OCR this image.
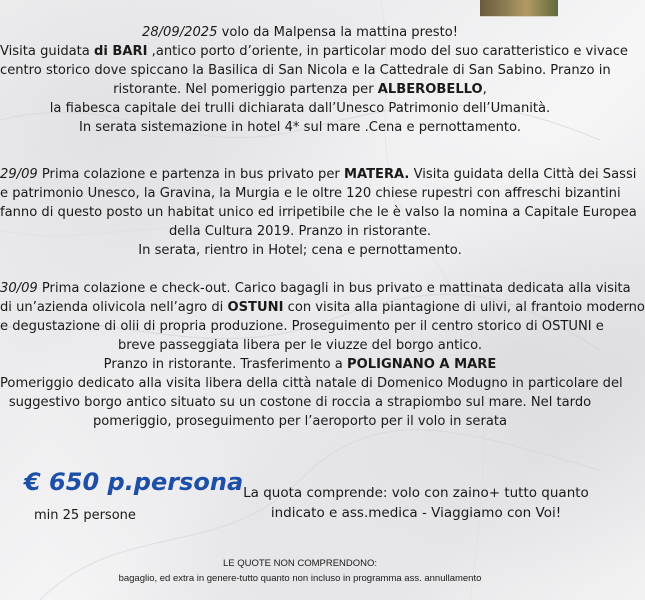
28/09/2025 volo da Malpensa la mattina presto!

Visita guidata di BARI ,antico porto d’oriente, in particolar modo del suo caratteristico e vivace

centro storico dove spiccano la Basilica di San Nicola e la Cattedrale di San Sabino. Pranzo in

ristorante. Nel pomeriggio partenza per ALBEROBELLO,

la fiabesca capitale dei trulli dichiarata dall’Unesco Patrimonio dell’Umanità.

In serata sistemazione in hotel 4* sul mare .Cena e pernottamento.

29/09 Prima colazione e partenza in bus privato per MATERA. Visita guidata della Città dei Sassi

e patrimonio Unesco, la Gravina, la Murgia e le oltre 120 chiese rupestri con affreschi bizantini

fanno di questo posto un habitat unico ed irripetibile che le è valso la nomina a Capitale Europea

della Cultura 2019. Pranzo in ristorante.

In serata, rientro in Hotel; cena e pernottamento.

30/09 Prima colazione e check-out. Carico bagagli in bus privato e mattinata dedicata alla visita

di un’azienda olivicola nell’agro di OSTUNI con visita alla piantagione di ulivi, al frantoio moderno

e degustazione di olii di propria produzione. Proseguimento per il centro storico di OSTUNI e

breve passeggiata libera per le viuzze del borgo antico.

Pranzo in ristorante. Trasferimento a POLIGNANO A MARE

Pomeriggio dedicato alla visita libera della città natale di Domenico Modugno in particolare del

suggestivo borgo antico situato su un costone di roccia a strapiombo sul mare. Nel tardo

pomeriggio, proseguimento per l’aeroporto per il volo in serata

€ 650 p.persona
min 25 persone

La quota comprende: volo con zaino+ tutto quanto

indicato e ass.medica - Viaggiamo con Voi!

LE QUOTE NON COMPRENDONO:
bagaglio, ed extra in genere-tutto quanto non incluso in programma ass. annullamento
